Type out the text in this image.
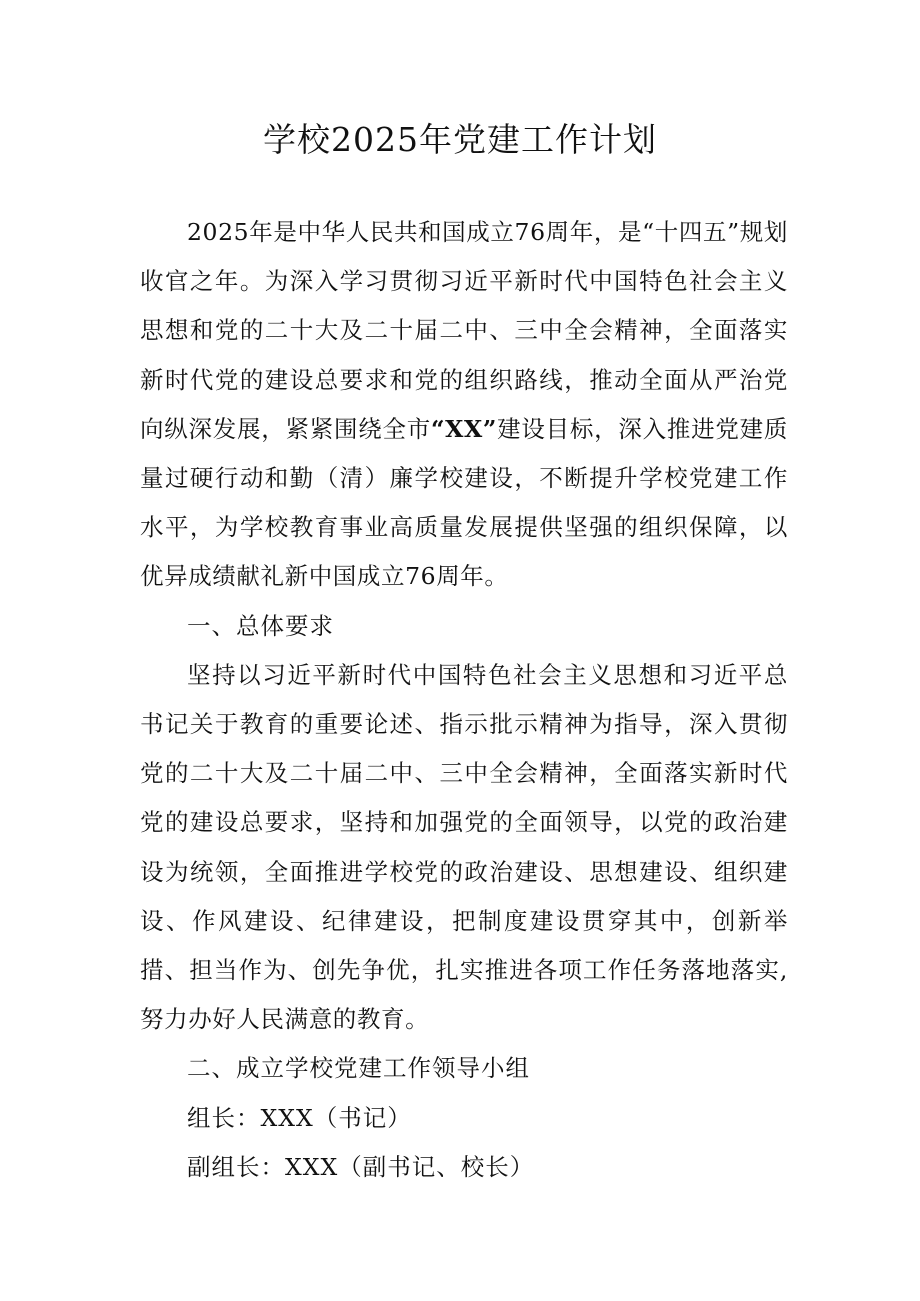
学校2025年党建工作计划

2025年是中华人民共和国成立76周年，是“十四五”规划收官之年。为深入学习贯彻习近平新时代中国特色社会主义思想和党的二十大及二十届二中、三中全会精神，全面落实新时代党的建设总要求和党的组织路线，推动全面从严治党向纵深发展，紧紧围绕全市“XX”建设目标，深入推进党建质量过硬行动和勤（清）廉学校建设，不断提升学校党建工作水平，为学校教育事业高质量发展提供坚强的组织保障，以优异成绩献礼新中国成立76周年。

一、总体要求

坚持以习近平新时代中国特色社会主义思想和习近平总书记关于教育的重要论述、指示批示精神为指导，深入贯彻党的二十大及二十届二中、三中全会精神，全面落实新时代党的建设总要求，坚持和加强党的全面领导，以党的政治建设为统领，全面推进学校党的政治建设、思想建设、组织建设、作风建设、纪律建设，把制度建设贯穿其中，创新举措、担当作为、创先争优，扎实推进各项工作任务落地落实,努力办好人民满意的教育。

二、成立学校党建工作领导小组

组长：XXX（书记）

副组长：XXX（副书记、校长）
